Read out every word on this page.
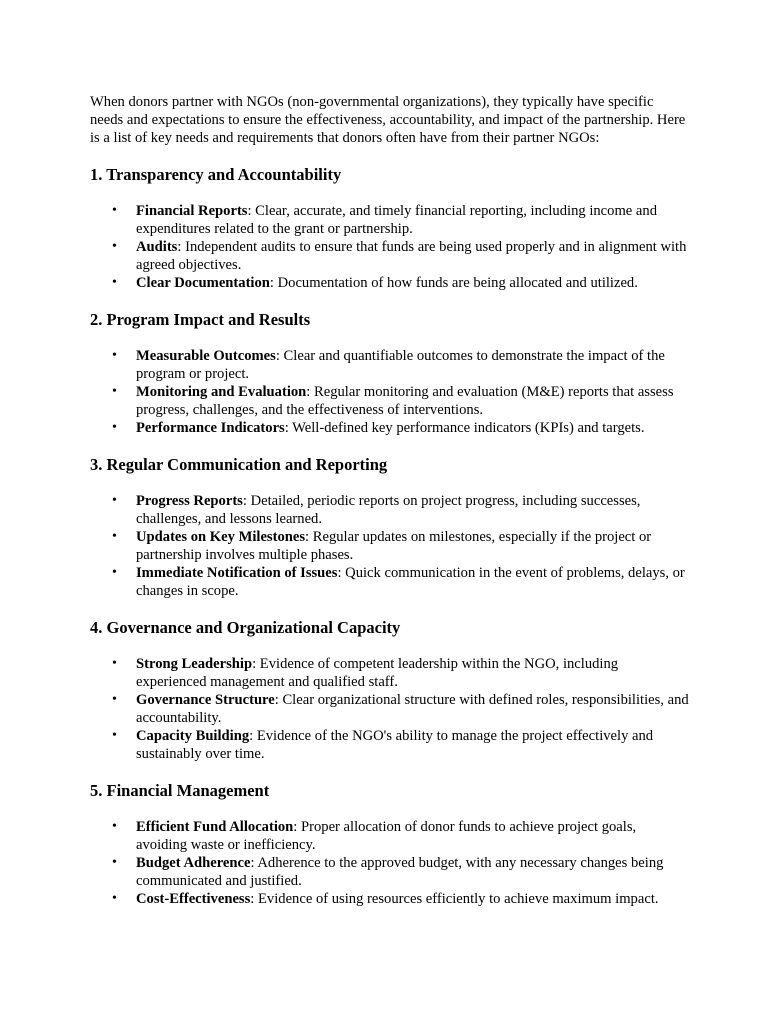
When donors partner with NGOs (non-governmental organizations), they typically have specific needs and expectations to ensure the effectiveness, accountability, and impact of the partnership. Here is a list of key needs and requirements that donors often have from their partner NGOs:

1. Transparency and Accountability
• Financial Reports: Clear, accurate, and timely financial reporting, including income and expenditures related to the grant or partnership.
• Audits: Independent audits to ensure that funds are being used properly and in alignment with agreed objectives.
• Clear Documentation: Documentation of how funds are being allocated and utilized.
2. Program Impact and Results
• Measurable Outcomes: Clear and quantifiable outcomes to demonstrate the impact of the program or project.
• Monitoring and Evaluation: Regular monitoring and evaluation (M&E) reports that assess progress, challenges, and the effectiveness of interventions.
• Performance Indicators: Well-defined key performance indicators (KPIs) and targets.
3. Regular Communication and Reporting
• Progress Reports: Detailed, periodic reports on project progress, including successes, challenges, and lessons learned.
• Updates on Key Milestones: Regular updates on milestones, especially if the project or partnership involves multiple phases.
• Immediate Notification of Issues: Quick communication in the event of problems, delays, or changes in scope.
4. Governance and Organizational Capacity
• Strong Leadership: Evidence of competent leadership within the NGO, including experienced management and qualified staff.
• Governance Structure: Clear organizational structure with defined roles, responsibilities, and accountability.
• Capacity Building: Evidence of the NGO's ability to manage the project effectively and sustainably over time.
5. Financial Management
• Efficient Fund Allocation: Proper allocation of donor funds to achieve project goals, avoiding waste or inefficiency.
• Budget Adherence: Adherence to the approved budget, with any necessary changes being communicated and justified.
• Cost-Effectiveness: Evidence of using resources efficiently to achieve maximum impact.
